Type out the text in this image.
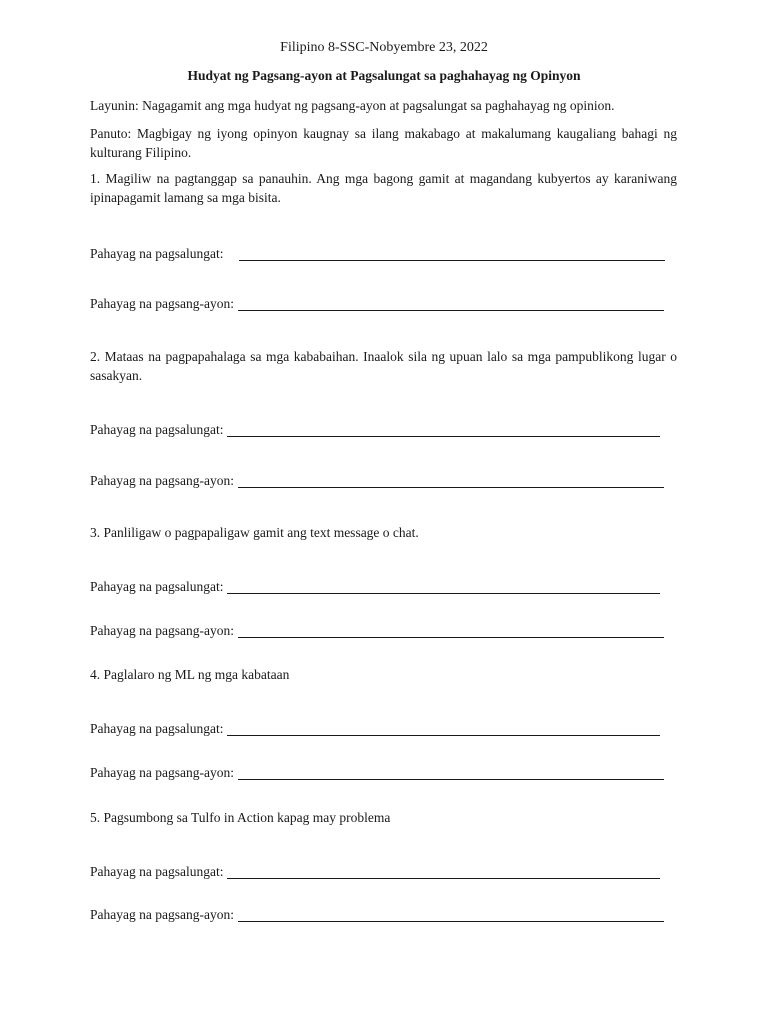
Filipino 8-SSC-Nobyembre 23, 2022
Hudyat ng Pagsang-ayon at Pagsalungat sa paghahayag ng Opinyon
Layunin: Nagagamit ang mga hudyat ng pagsang-ayon at pagsalungat sa paghahayag ng opinion.
Panuto: Magbigay ng iyong opinyon kaugnay sa ilang makabago at makalumang kaugaliang bahagi ng kulturang Filipino.
1. Magiliw na pagtanggap sa panauhin. Ang mga bagong gamit at magandang kubyertos ay karaniwang ipinapagamit lamang sa mga bisita.
Pahayag na pagsalungat:
Pahayag na pagsang-ayon:
2. Mataas na pagpapahalaga sa mga kababaihan. Inaalok sila ng upuan lalo sa mga pampublikong lugar o sasakyan.
Pahayag na pagsalungat:
Pahayag na pagsang-ayon:
3. Panliligaw o pagpapaligaw gamit ang text message o chat.
Pahayag na pagsalungat:
Pahayag na pagsang-ayon:
4. Paglalaro ng ML ng mga kabataan
Pahayag na pagsalungat:
Pahayag na pagsang-ayon:
5. Pagsumbong sa Tulfo in Action kapag may problema
Pahayag na pagsalungat:
Pahayag na pagsang-ayon:
